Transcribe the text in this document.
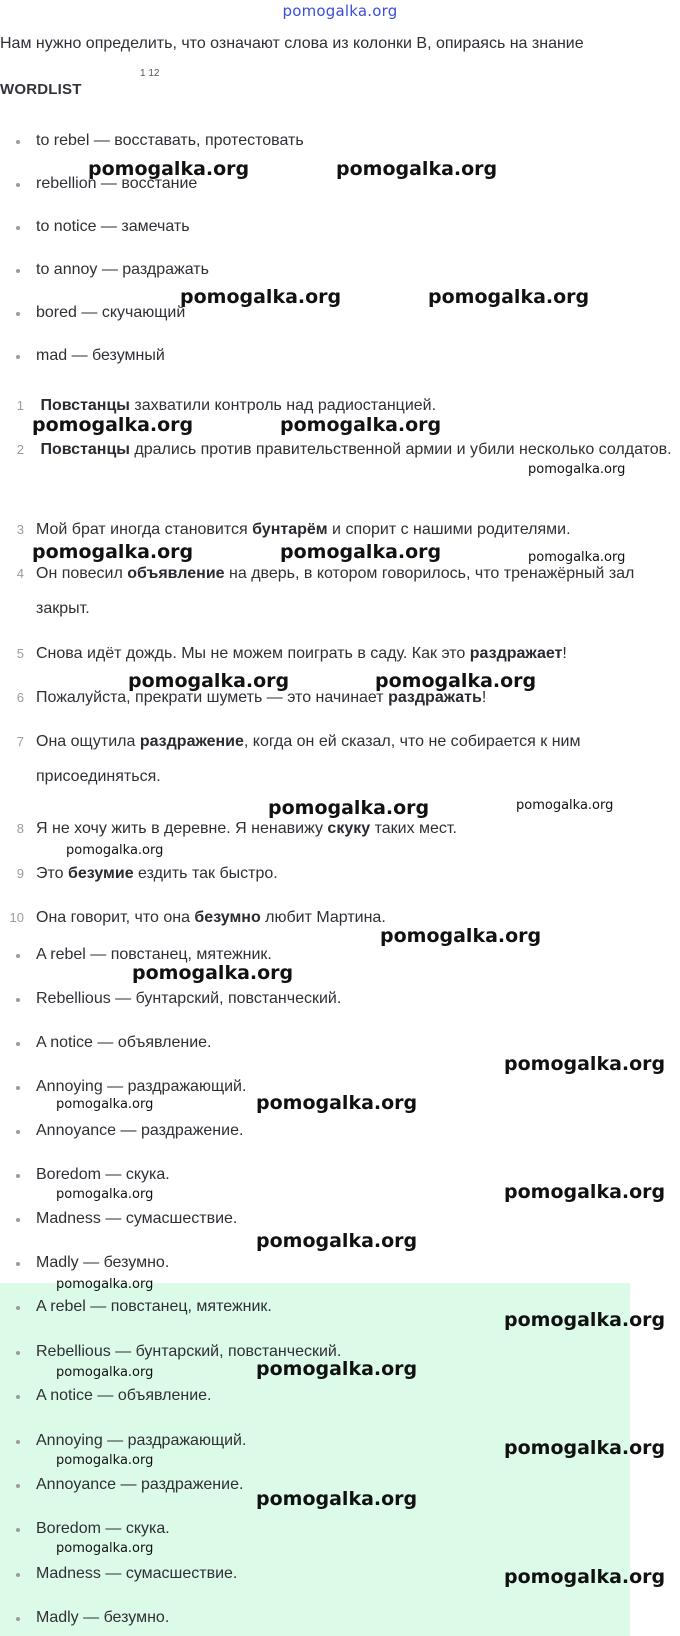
pomogalka.org
Нам нужно определить, что означают слова из колонки В, опираясь на знание
1 12
WORDLIST
to rebel — восставать, протестовать
rebellion — восстание
to notice — замечать
to annoy — раздражать
bored — скучающий
mad — безумный
1 Повстанцы захватили контроль над радиостанцией.
2 Повстанцы дрались против правительственной армии и убили несколько солдатов.
3 Мой брат иногда становится бунтарём и спорит с нашими родителями.
4 Он повесил объявление на дверь, в котором говорилось, что тренажёрный зал закрыт.
5 Снова идёт дождь. Мы не можем поиграть в саду. Как это раздражает!
6 Пожалуйста, прекрати шуметь — это начинает раздражать!
7 Она ощутила раздражение, когда он ей сказал, что не собирается к ним присоединяться.
8 Я не хочу жить в деревне. Я ненавижу скуку таких мест.
9 Это безумие ездить так быстро.
10 Она говорит, что она безумно любит Мартина.
A rebel — повстанец, мятежник.
Rebellious — бунтарский, повстанческий.
A notice — объявление.
Annoying — раздражающий.
Annoyance — раздражение.
Boredom — скука.
Madness — сумасшествие.
Madly — безумно.
A rebel — повстанец, мятежник.
Rebellious — бунтарский, повстанческий.
A notice — объявление.
Annoying — раздражающий.
Annoyance — раздражение.
Boredom — скука.
Madness — сумасшествие.
Madly — безумно.
pomogalka.org	pomogalka.org
pomogalka.org	pomogalka.org
pomogalka.org	pomogalka.org
pomogalka.org
pomogalka.org	pomogalka.org	pomogalka.org
pomogalka.org	pomogalka.org
pomogalka.org	pomogalka.org
pomogalka.org
pomogalka.org
pomogalka.org
pomogalka.org
pomogalka.org	pomogalka.org
pomogalka.org	pomogalka.org
pomogalka.org
pomogalka.org
pomogalka.org
pomogalka.org	pomogalka.org
pomogalka.org
pomogalka.org
pomogalka.org
pomogalka.org
pomogalka.org
